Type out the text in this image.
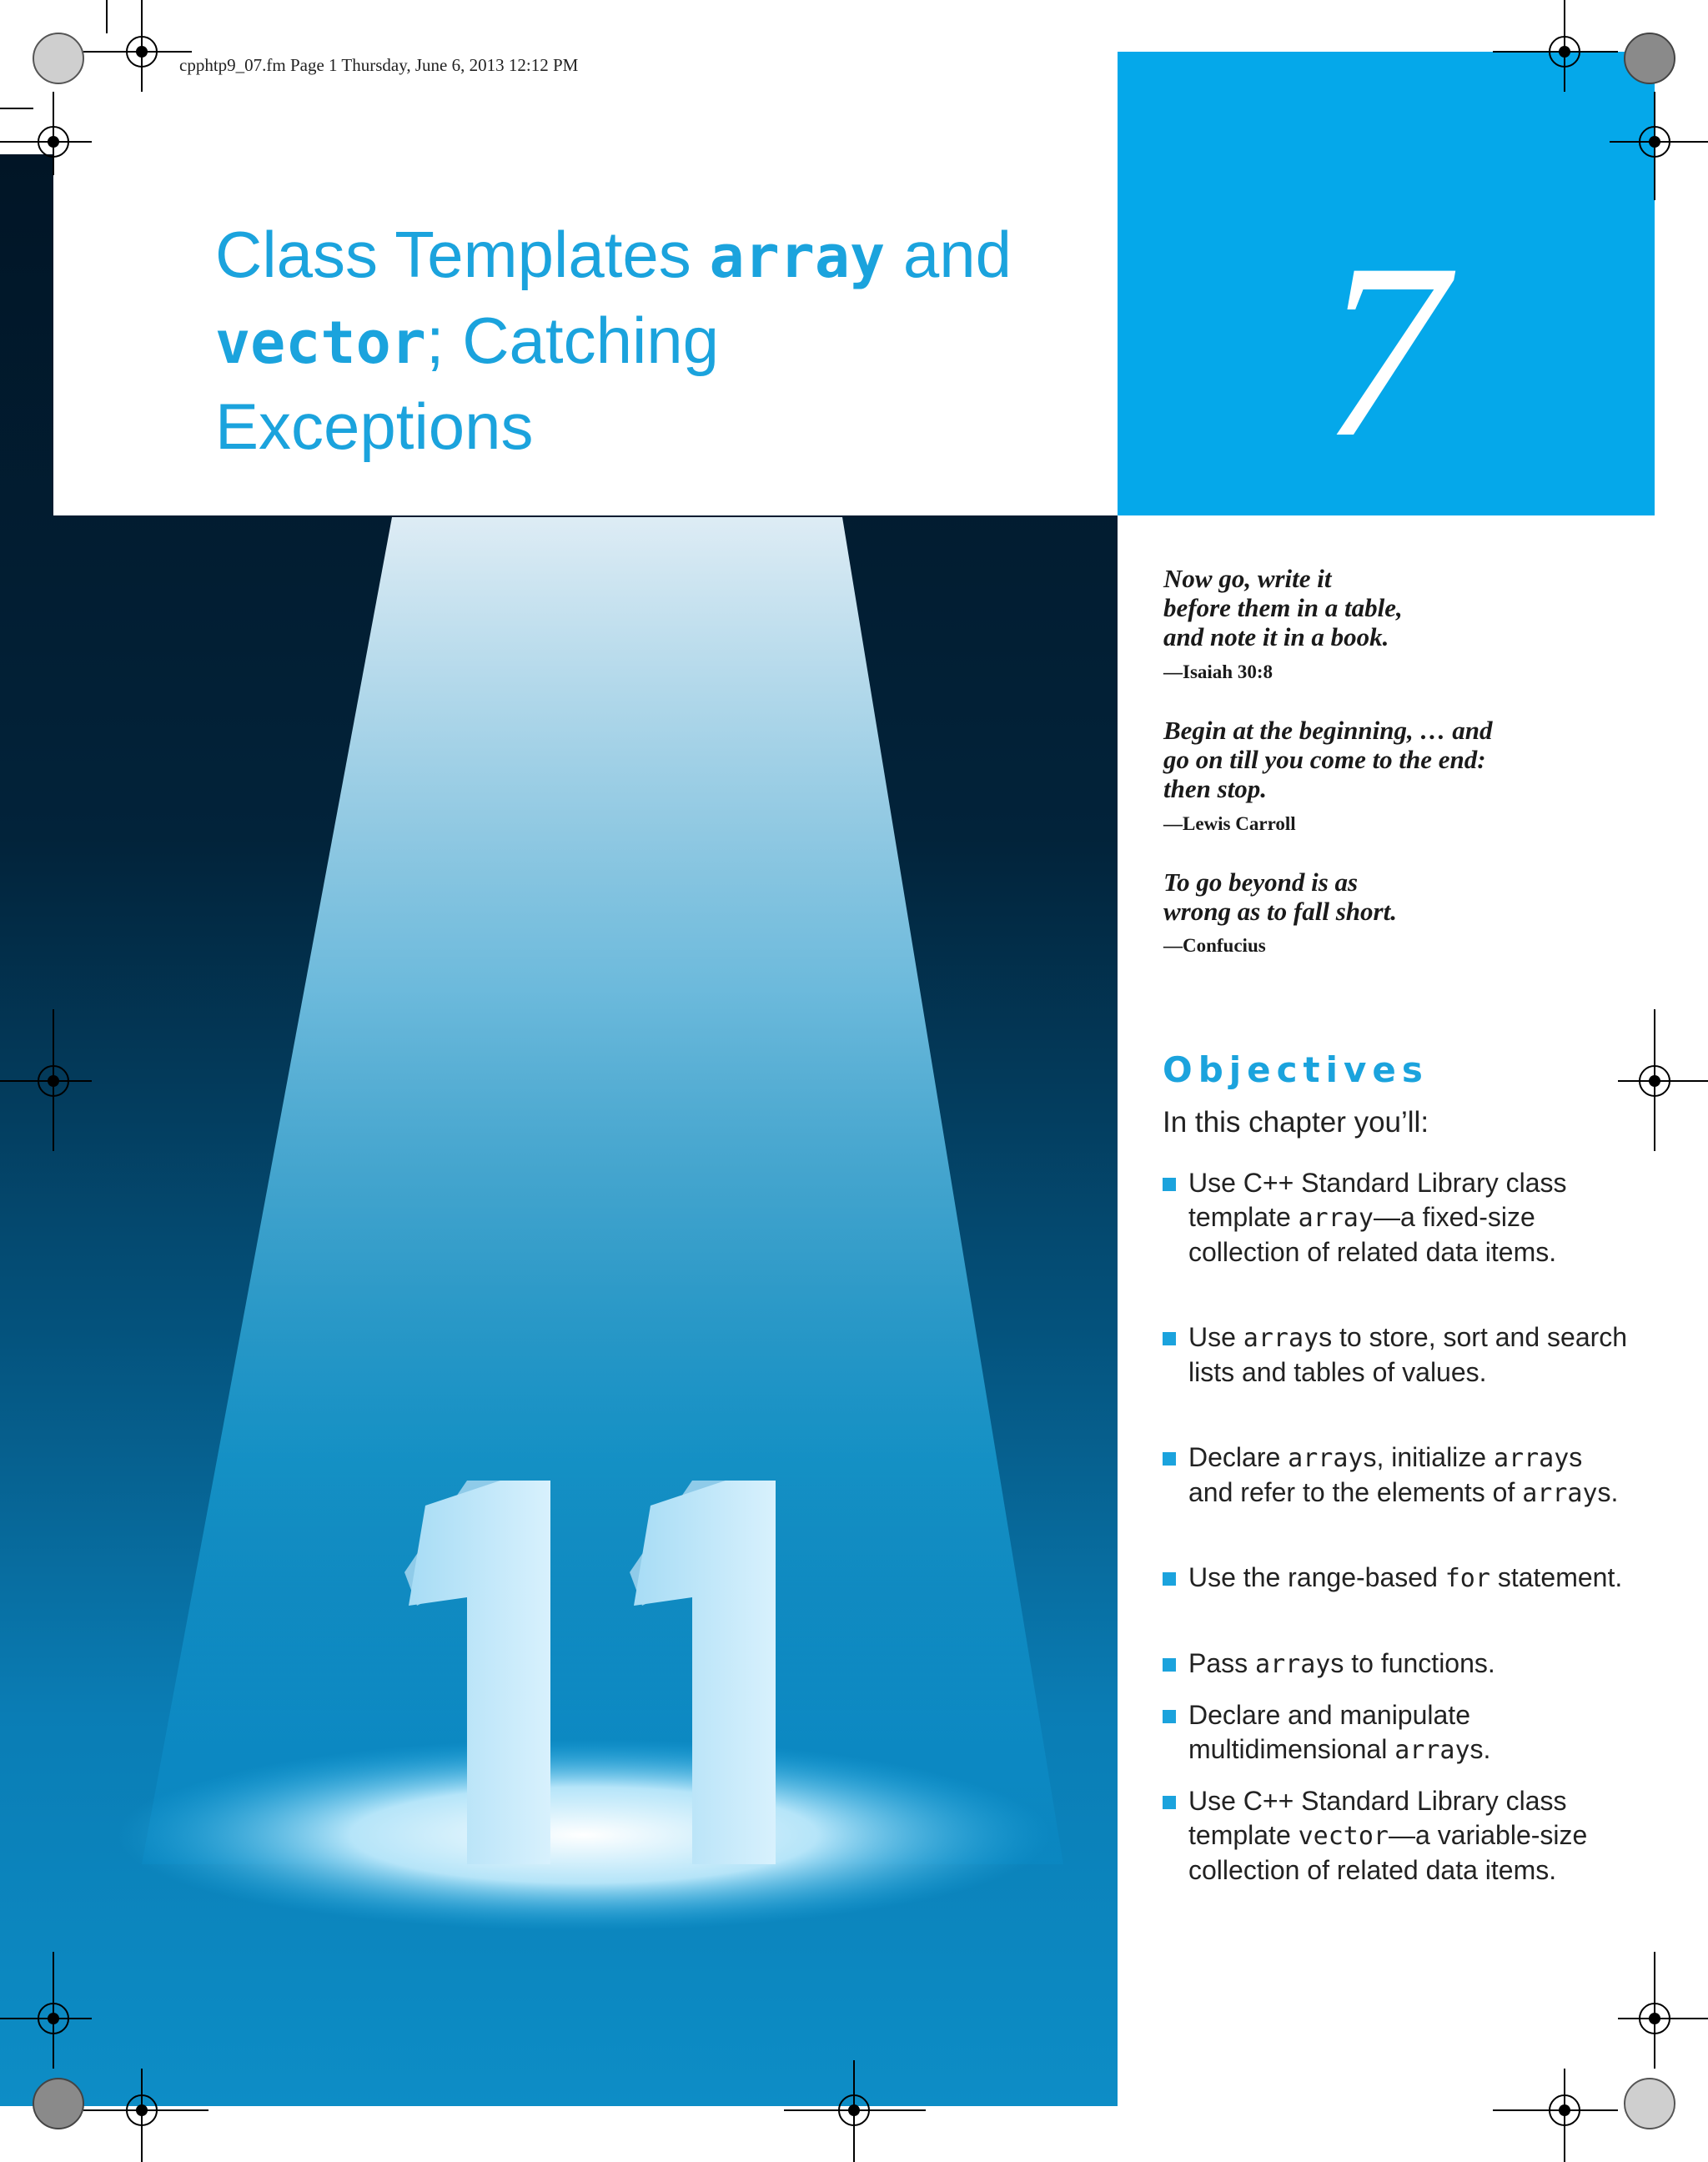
Class Templates array and
vector; Catching
Exceptions	7
cpphtp9_07.fm Page 1 Thursday, June 6, 2013 12:12 PM
Now go, write it
before them in a table,
and note it in a book.
—Isaiah 30:8
Begin at the beginning, … and
go on till you come to the end:
then stop.
—Lewis Carroll
To go beyond is as
wrong as to fall short.
—Confucius
Objectives
In this chapter you’ll:
Use C++ Standard Library class template array—a fixed-size collection of related data items.
Use arrays to store, sort and search lists and tables of values.
Declare arrays, initialize arrays and refer to the elements of arrays.
Use the range-based for statement.
Pass arrays to functions.
Declare and manipulate multidimensional arrays.
Use C++ Standard Library class template vector—a variable-size collection of related data items.
